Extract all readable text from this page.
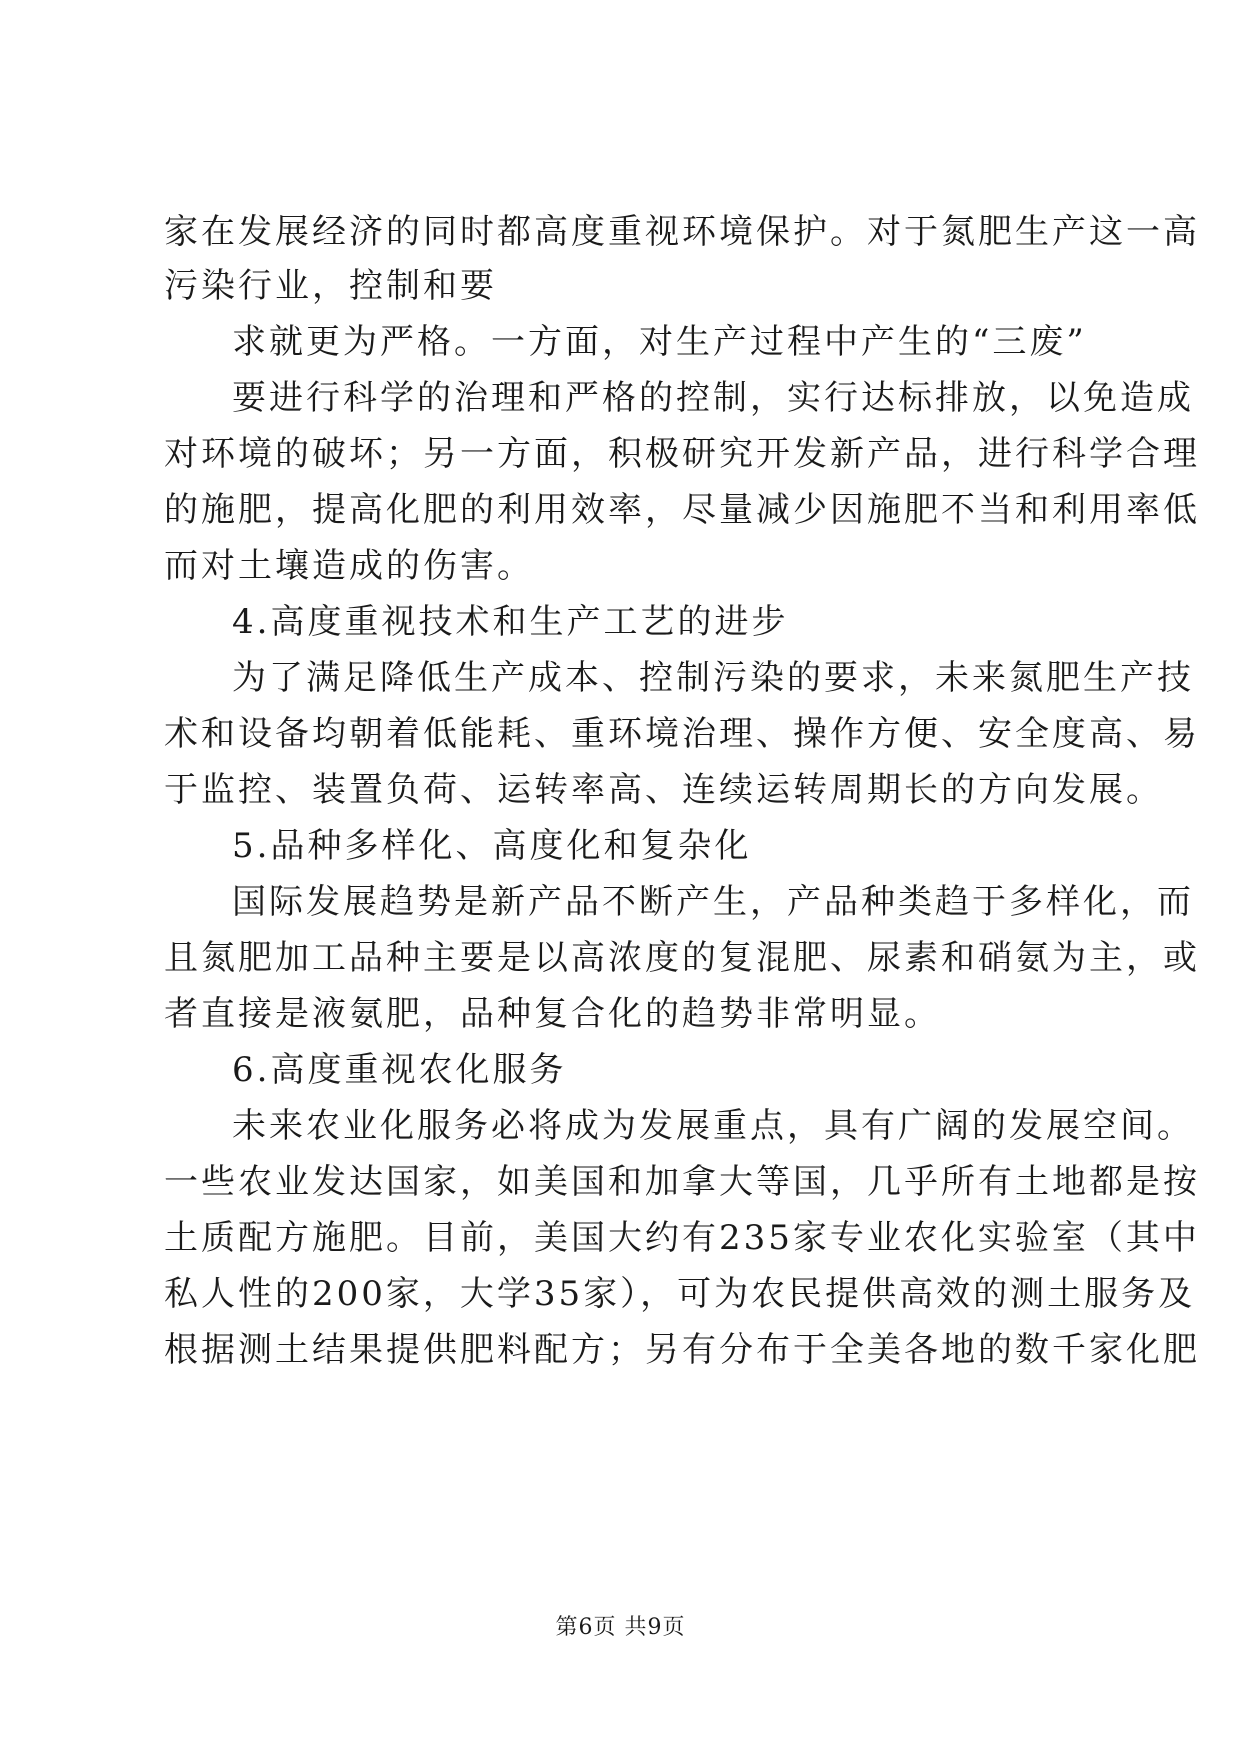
家在发展经济的同时都高度重视环境保护。对于氮肥生产这一高
污染行业，控制和要
求就更为严格。一方面，对生产过程中产生的“三废”
要进行科学的治理和严格的控制，实行达标排放，以免造成
对环境的破坏；另一方面，积极研究开发新产品，进行科学合理
的施肥，提高化肥的利用效率，尽量减少因施肥不当和利用率低
而对土壤造成的伤害。
4.高度重视技术和生产工艺的进步
为了满足降低生产成本、控制污染的要求，未来氮肥生产技
术和设备均朝着低能耗、重环境治理、操作方便、安全度高、易
于监控、装置负荷、运转率高、连续运转周期长的方向发展。
5.品种多样化、高度化和复杂化
国际发展趋势是新产品不断产生，产品种类趋于多样化，而
且氮肥加工品种主要是以高浓度的复混肥、尿素和硝氨为主，或
者直接是液氨肥，品种复合化的趋势非常明显。
6.高度重视农化服务
未来农业化服务必将成为发展重点，具有广阔的发展空间。
一些农业发达国家，如美国和加拿大等国，几乎所有土地都是按
土质配方施肥。目前，美国大约有235家专业农化实验室（其中
私人性的200家，大学35家），可为农民提供高效的测土服务及
根据测土结果提供肥料配方；另有分布于全美各地的数千家化肥
第6页 共9页
